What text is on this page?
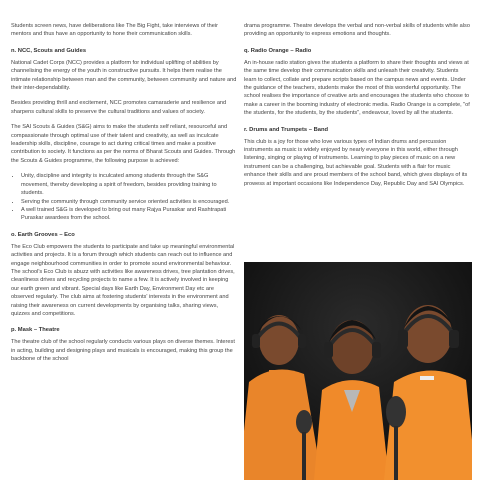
Students screen news, have deliberations like The Big Fight, take interviews of their mentors and thus have an opportunity to hone their communication skills.

n. NCC, Scouts and Guides

National Cadet Corps (NCC) provides a platform for individual uplifting of abilities by channelising the energy of the youth in constructive pursuits. It helps them realise the intimate relationship between man and the community, between community and nature and their inter-dependability.

Besides providing thrill and excitement, NCC promotes camaraderie and resilience and sharpens cultural skills to preserve the cultural traditions and values of society.

The SAI Scouts & Guides (S&G) aims to make the students self reliant, resourceful and compassionate through optimal use of their talent and creativity, as well as inculcate leadership skills, discipline, courage to act during critical times and make a positive contribution to society. It functions as per the norms of Bharat Scouts and Guides. Through the Scouts & Guides programme, the following purpose is achieved:

• Unity, discipline and integrity is inculcated among students through the S&G movement, thereby developing a spirit of freedom, besides providing training to students.
• Serving the community through community service oriented activities is encouraged.
• A well trained S&G is developed to bring out many Rajya Puraskar and Rashtrapati Puraskar awardees from the school.
o. Earth Grooves – Eco

The Eco Club empowers the students to participate and take up meaningful environmental activities and projects. It is a forum through which students can reach out to influence and engage neighbourhood communities in order to promote sound environmental behaviour. The school's Eco Club is abuzz with activities like awareness drives, tree plantation drives, cleanliness drives and recycling projects to name a few. It is actively involved in keeping our earth green and vibrant. Special days like Earth Day, Environment Day etc are observed regularly. The club aims at fostering students' interests in the environment and raising their awareness on current developments by organising talks, sharing views, quizzes and competitions.

p. Mask – Theatre

The theatre club of the school regularly conducts various plays on diverse themes. Interest in acting, building and designing plays and musicals is encouraged, making this group the backbone of the school

drama programme. Theatre develops the verbal and non-verbal skills of students while also providing an opportunity to express emotions and thoughts.

q. Radio Orange – Radio

An in-house radio station gives the students a platform to share their thoughts and views at the same time develop their communication skills and unleash their creativity. Students learn to collect, collate and prepare scripts based on the campus news and events. Under the guidance of the teachers, students make the most of this wonderful opportunity. The school realises the importance of creative arts and encourages the students who choose to make a career in the booming industry of electronic media. Radio Orange is a complete, "of the students, for the students, by the students", endeavour, loved by all the students.

r. Drums and Trumpets – Band

This club is a joy for those who love various types of Indian drums and percussion instruments as music is widely enjoyed by nearly everyone in this world, either through listening, singing or playing of instruments. Learning to play pieces of music on a new instrument can be a challenging, but achievable goal. Students with a flair for music enhance their skills and are proud members of the school band, which gives displays of its prowess at important occasions like Independence Day, Republic Day and SAI Olympics.
